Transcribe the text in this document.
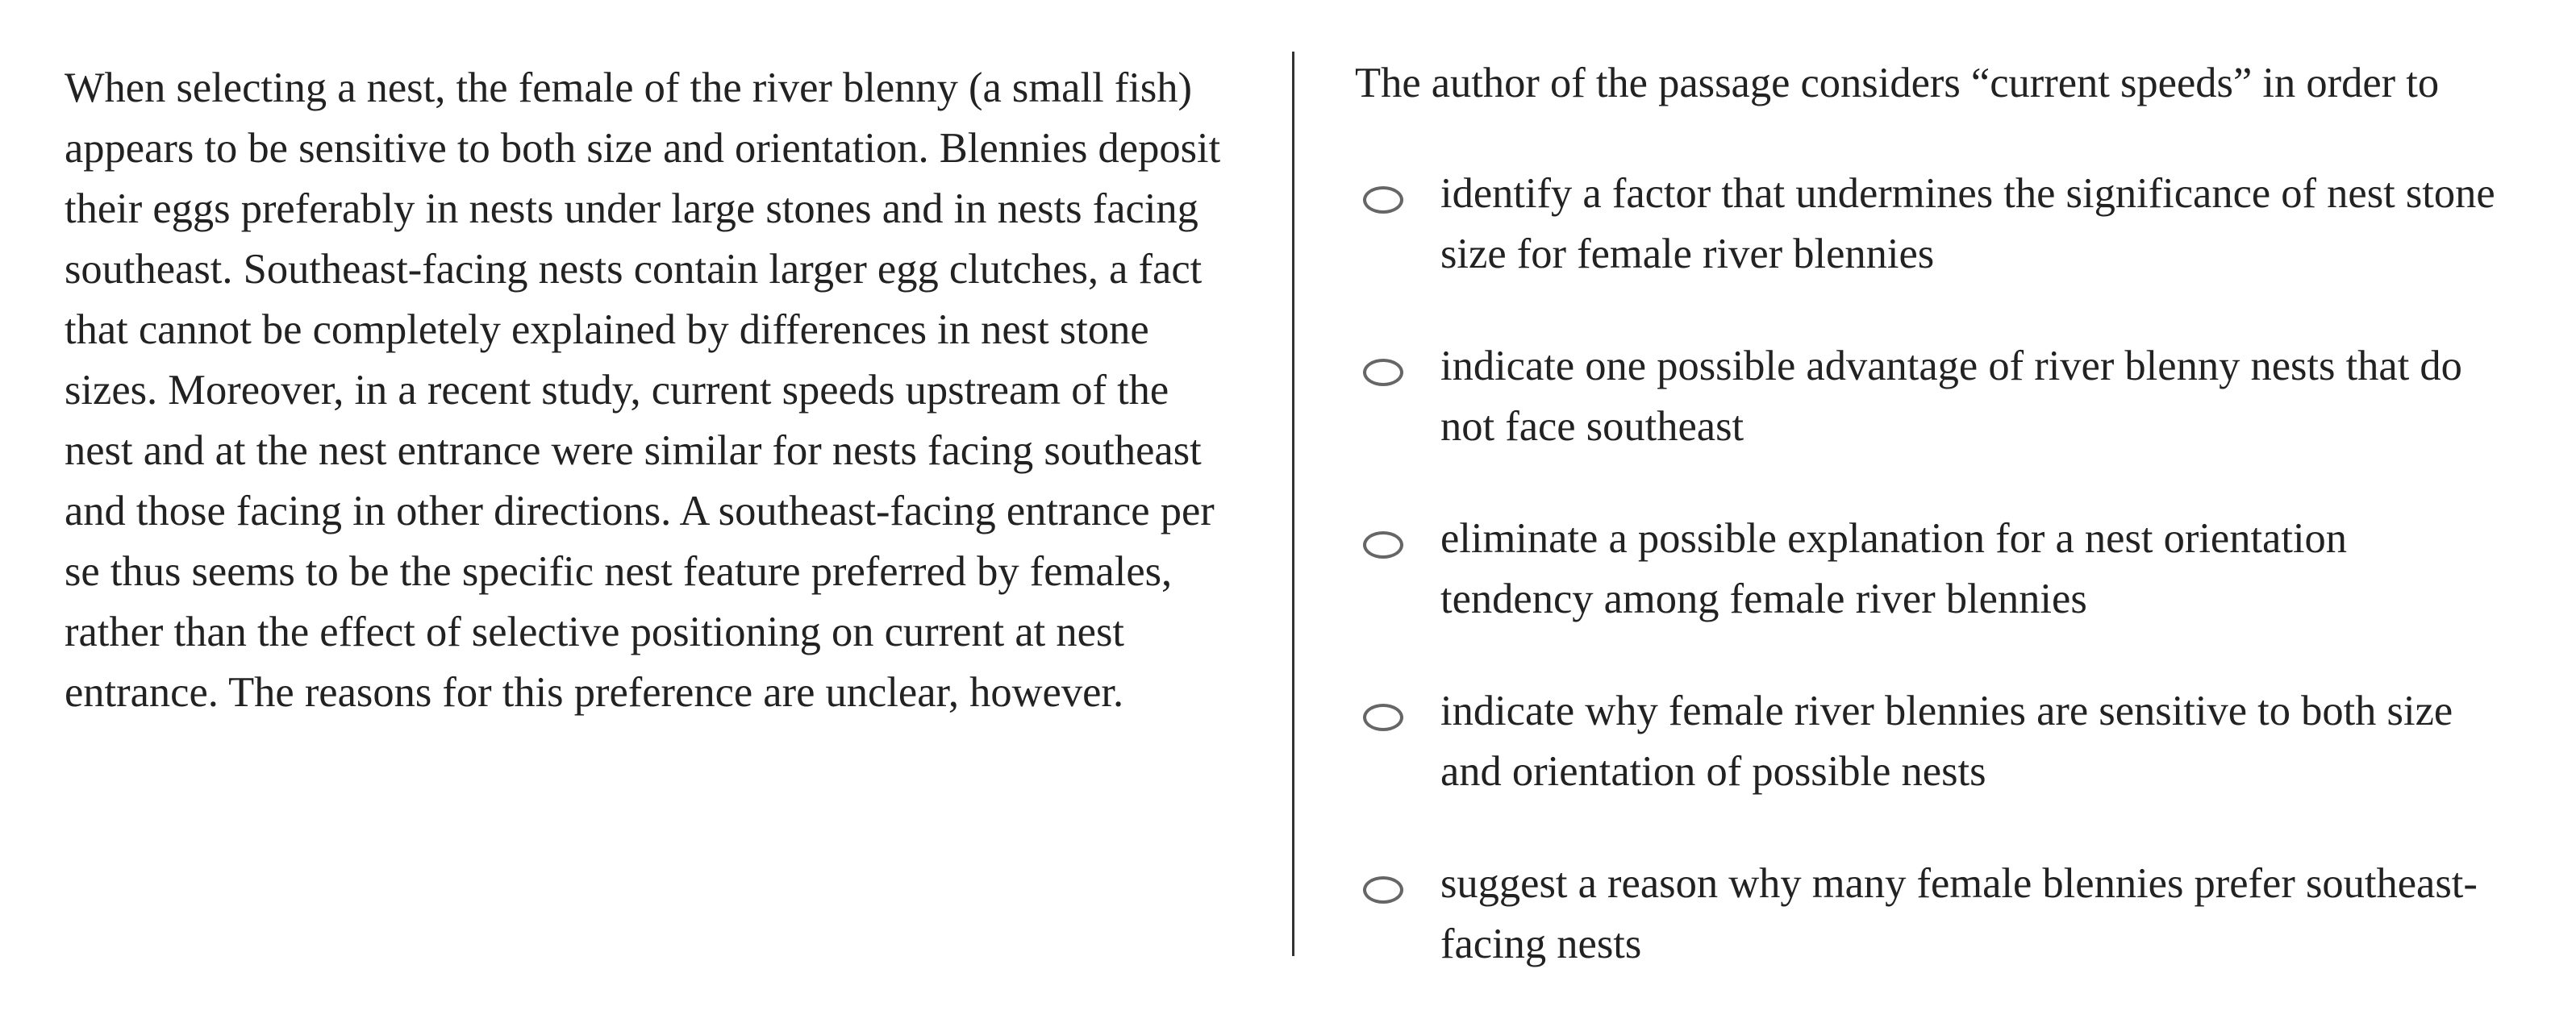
When selecting a nest, the female of the river blenny (a small fish) appears to be sensitive to both size and orientation. Blennies deposit their eggs preferably in nests under large stones and in nests facing southeast. Southeast-facing nests contain larger egg clutches, a fact that cannot be completely explained by differences in nest stone sizes. Moreover, in a recent study, current speeds upstream of the nest and at the nest entrance were similar for nests facing southeast and those facing in other directions. A southeast-facing entrance per se thus seems to be the specific nest feature preferred by females, rather than the effect of selective positioning on current at nest entrance. The reasons for this preference are unclear, however.

The author of the passage considers “current speeds” in order to

identify a factor that undermines the significance of nest stone size for female river blennies
indicate one possible advantage of river blenny nests that do not face southeast
eliminate a possible explanation for a nest orientation tendency among female river blennies
indicate why female river blennies are sensitive to both size and orientation of possible nests
suggest a reason why many female blennies prefer southeast-facing nests
